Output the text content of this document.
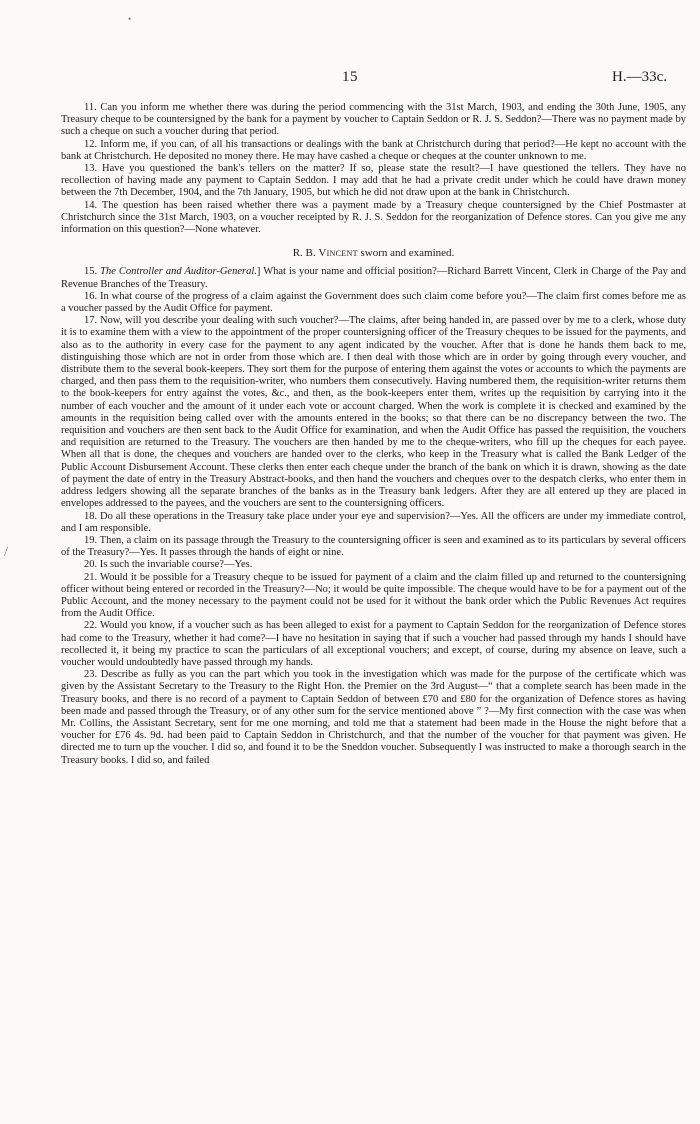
•
/
15	H.—33c.

11. Can you inform me whether there was during the period commencing with the 31st March, 1903, and ending the 30th June, 1905, any Treasury cheque to be countersigned by the bank for a payment by voucher to Captain Seddon or R. J. S. Seddon?—There was no payment made by such a cheque on such a voucher during that period.

12. Inform me, if you can, of all his transactions or dealings with the bank at Christchurch during that period?—He kept no account with the bank at Christchurch. He deposited no money there. He may have cashed a cheque or cheques at the counter unknown to me.

13. Have you questioned the bank's tellers on the matter? If so, please state the result?—I have questioned the tellers. They have no recollection of having made any payment to Captain Seddon. I may add that he had a private credit under which he could have drawn money between the 7th December, 1904, and the 7th January, 1905, but which he did not draw upon at the bank in Christchurch.

14. The question has been raised whether there was a payment made by a Treasury cheque countersigned by the Chief Postmaster at Christchurch since the 31st March, 1903, on a voucher receipted by R. J. S. Seddon for the reorganization of Defence stores. Can you give me any information on this question?—None whatever.

R. B. Vincent sworn and examined.

15. The Controller and Auditor-General.] What is your name and official position?—Richard Barrett Vincent, Clerk in Charge of the Pay and Revenue Branches of the Treasury.

16. In what course of the progress of a claim against the Government does such claim come before you?—The claim first comes before me as a voucher passed by the Audit Office for payment.

17. Now, will you describe your dealing with such voucher?—The claims, after being handed in, are passed over by me to a clerk, whose duty it is to examine them with a view to the appointment of the proper countersigning officer of the Treasury cheques to be issued for the payments, and also as to the authority in every case for the payment to any agent indicated by the voucher. After that is done he hands them back to me, distinguishing those which are not in order from those which are. I then deal with those which are in order by going through every voucher, and distribute them to the several book-keepers. They sort them for the purpose of entering them against the votes or accounts to which the payments are charged, and then pass them to the requisition-writer, who numbers them consecutively. Having numbered them, the requisition-writer returns them to the book-keepers for entry against the votes, &c., and then, as the book-keepers enter them, writes up the requisition by carrying into it the number of each voucher and the amount of it under each vote or account charged. When the work is complete it is checked and examined by the amounts in the requisition being called over with the amounts entered in the books; so that there can be no discrepancy between the two. The requisition and vouchers are then sent back to the Audit Office for examination, and when the Audit Office has passed the requisition, the vouchers and requisition are returned to the Treasury. The vouchers are then handed by me to the cheque-writers, who fill up the cheques for each payee. When all that is done, the cheques and vouchers are handed over to the clerks, who keep in the Treasury what is called the Bank Ledger of the Public Account Disbursement Account. These clerks then enter each cheque under the branch of the bank on which it is drawn, showing as the date of payment the date of entry in the Treasury Abstract-books, and then hand the vouchers and cheques over to the despatch clerks, who enter them in address ledgers showing all the separate branches of the banks as in the Treasury bank ledgers. After they are all entered up they are placed in envelopes addressed to the payees, and the vouchers are sent to the countersigning officers.

18. Do all these operations in the Treasury take place under your eye and supervision?—Yes. All the officers are under my immediate control, and I am responsible.

19. Then, a claim on its passage through the Treasury to the countersigning officer is seen and examined as to its particulars by several officers of the Treasury?—Yes. It passes through the hands of eight or nine.

20. Is such the invariable course?—Yes.

21. Would it be possible for a Treasury cheque to be issued for payment of a claim and the claim filled up and returned to the countersigning officer without being entered or recorded in the Treasury?—No; it would be quite impossible. The cheque would have to be for a payment out of the Public Account, and the money necessary to the payment could not be used for it without the bank order which the Public Revenues Act requires from the Audit Office.

22. Would you know, if a voucher such as has been alleged to exist for a payment to Captain Seddon for the reorganization of Defence stores had come to the Treasury, whether it had come?—I have no hesitation in saying that if such a voucher had passed through my hands I should have recollected it, it being my practice to scan the particulars of all exceptional vouchers; and except, of course, during my absence on leave, such a voucher would undoubtedly have passed through my hands.

23. Describe as fully as you can the part which you took in the investigation which was made for the purpose of the certificate which was given by the Assistant Secretary to the Treasury to the Right Hon. the Premier on the 3rd August—“ that a complete search has been made in the Treasury books, and there is no record of a payment to Captain Seddon of between £70 and £80 for the organization of Defence stores as having been made and passed through the Treasury, or of any other sum for the service mentioned above ” ?—My first connection with the case was when Mr. Collins, the Assistant Secretary, sent for me one morning, and told me that a statement had been made in the House the night before that a voucher for £76 4s. 9d. had been paid to Captain Seddon in Christchurch, and that the number of the voucher for that payment was given. He directed me to turn up the voucher. I did so, and found it to be the Sneddon voucher. Subsequently I was instructed to make a thorough search in the Treasury books. I did so, and failed
